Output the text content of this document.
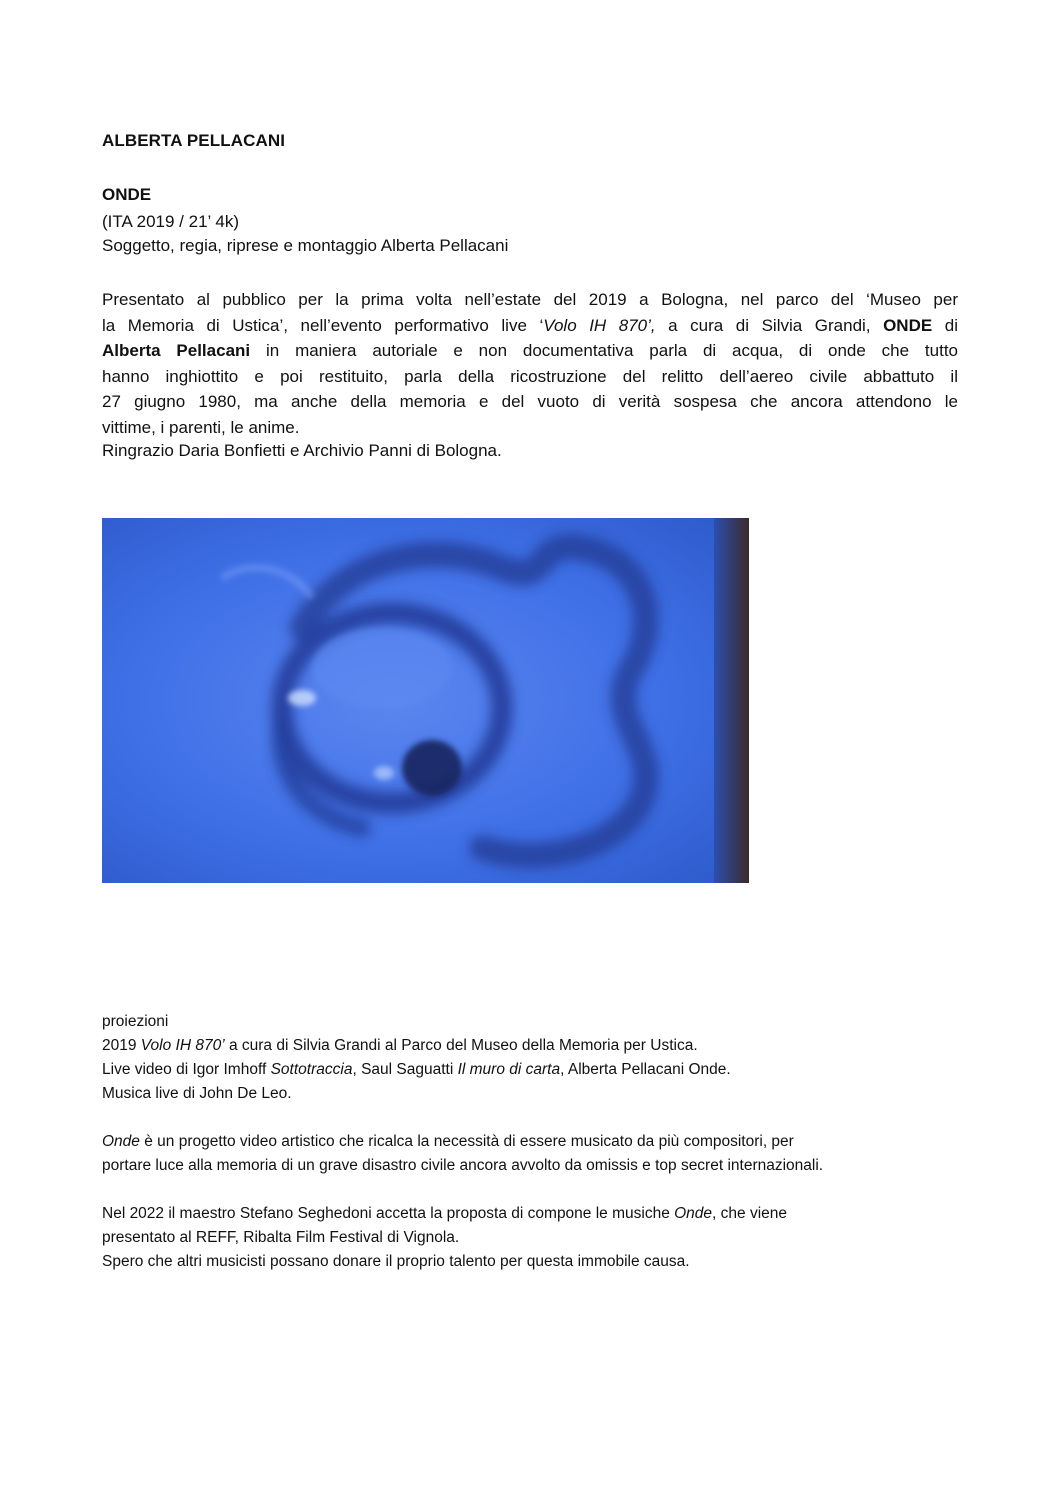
ALBERTA PELLACANI
ONDE
(ITA 2019 / 21’ 4k)
Soggetto, regia, riprese e montaggio Alberta Pellacani
Presentato al pubblico per la prima volta nell’estate del 2019 a Bologna, nel parco del ‘Museo per
la Memoria di Ustica’, nell’evento performativo live ‘Volo IH 870’, a cura di Silvia Grandi, ONDE di
Alberta Pellacani in maniera autoriale e non documentativa parla di acqua, di onde che tutto
hanno inghiottito e poi restituito, parla della ricostruzione del relitto dell’aereo civile abbattuto il
27 giugno 1980, ma anche della memoria e del vuoto di verità sospesa che ancora attendono le
vittime, i parenti, le anime.
Ringrazio Daria Bonfietti e Archivio Panni di Bologna.
proiezioni
2019 Volo IH 870’ a cura di Silvia Grandi al Parco del Museo della Memoria per Ustica.
Live video di Igor Imhoff Sottotraccia, Saul Saguatti Il muro di carta, Alberta Pellacani Onde.
Musica live di John De Leo.
Onde è un progetto video artistico che ricalca la necessità di essere musicato da più compositori, per
portare luce alla memoria di un grave disastro civile ancora avvolto da omissis e top secret internazionali.
Nel 2022 il maestro Stefano Seghedoni accetta la proposta di compone le musiche Onde, che viene
presentato al REFF, Ribalta Film Festival di Vignola.
Spero che altri musicisti possano donare il proprio talento per questa immobile causa.
